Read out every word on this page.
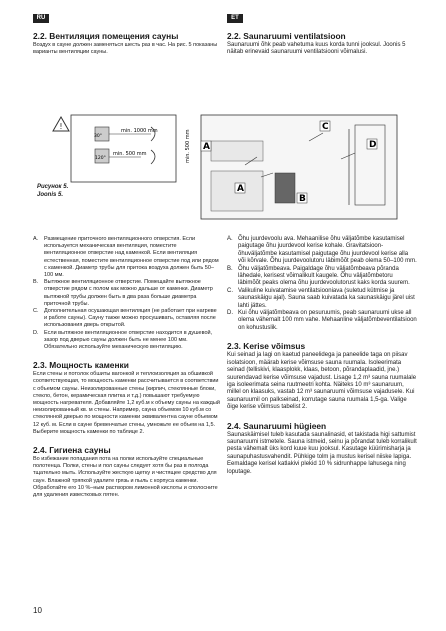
RU	ET
2.2. Вентиляция помещения сауны

Воздух в сауне должен заменяться шесть раз в час. На рис. 5 показаны варианты вентиляции сауны.

2.2. Saunaruumi ventilatsioon

Saunaruumi õhk peab vahetuma kuus korda tunni jooksul. Joonis 5 näitab erinevaid saunaruumi ventilatsiooni võimalusi.

!	min. 1000 mm
min. 500 mm
30°
120°	min. 500 mm A
A
C
D
B
Рисунок 5.
Joonis 5.
A. Размещение приточного вентиляционного отверстия. Если используется механическая вентиляция, поместите вентиляционное отверстие над каменкой. Если вентиляция естественная, поместите вентиляционное отверстие под или рядом с каменкой. Диаметр трубы для притока воздуха должен быть 50–100 мм.
B. Вытяжное вентиляционное отверстие. Помещайте вытяжное отверстие рядом с полом как можно дальше от каменки. Диаметр вытяжной трубы должен быть в два раза больше диаметра приточной трубы.
C. Дополнительная осушающая вентиляция (не работает при нагреве и работе сауны). Сауну также можно просушивать, оставляя после использования дверь открытой.
D. Если вытяжное вентиляционное отверстие находится в душевой, зазор под дверью сауны должен быть не менее 100 мм. Обязательно используйте механическую вентиляцию.
2.3. Мощность каменки

Если стены и потолок обшиты вагонкой и теплоизоляция за обшивкой соответствующая, то мощность каменки рассчитывается в соответствии с объемом сауны. Неизолированные стены (кирпич, стеклянные блоки, стекло, бетон, керамическая плитка и т.д.) повышают требуемую мощность нагревателя. Добавляйте 1,2 куб.м к объему сауны на каждый неизолированный кв. м стены. Например, сауна объемом 10 куб.м со стеклянной дверью по мощности каменки эквивалентна сауне объемом 12 куб. м. Если в сауне бревенчатые стены, умножьте ее объем на 1,5. Выберите мощность каменки по таблице 2.

2.4. Гигиена сауны

Во избежание попадания пота на полки используйте специальные полотенца. Полки, стены и пол сауны следует хотя бы раз в полгода тщательно мыть. Используйте жесткую щетку и чистящее средство для саун. Влажной тряпкой удалите грязь и пыль с корпуса каменки. Обработайте его 10 %–ным раствором лимонной кислоты и сполосните для удаления известковых пятен.

A. Õhu juurdevoolu ava. Mehaanilise õhu väljatõmbe kasutamisel paigutage õhu juurdevool kerise kohale. Gravitatsioon-õhuväljatõmbe kasutamisel paigutage õhu juurdevool kerise alla või kõrvale. Õhu juurdevoolutoru läbimõõt peab olema 50–100 mm.
B. Õhu väljatõmbeava. Paigaldage õhu väljatõmbeava põranda lähedale, kerisest võimalikult kaugele. Õhu väljatõmbetoru läbimõõt peaks olema õhu juurdevoolutorust kaks korda suurem.
C. Valikuline kuivatamise ventilatsiooniava (suletud kütmise ja saunaskäigu ajal). Sauna saab kuivatada ka saunaskäigu järel uist lahti jättes.
D. Kui õhu väljatõmbeava on pesuruumis, peab saunaruumi ukse all olema vähemalt 100 mm vahe. Mehaanline väljatõmbeventilatsioon on kohustuslik.
2.3. Kerise võimsus

Kui seinad ja lagi on kaetud paneelidega ja paneelide taga on piisav isolatsioon, määrab kerise võimsuse sauna ruumala. Isoleerimata seinad (telliskivi, klaasplokk, klaas, betoon, põrandaplaadid, jne.) suurendavad kerise võimsuse vajadust. Lisage 1,2 m³ sauna ruumalale iga isoleerimata seina ruutmeetri kohta. Näiteks 10 m³ saunaruum, millel on klaasuks, vastab 12 m³ saunaruumi võimsuse vajadusele. Kui saunaruumil on palkseinad, korrutage sauna ruumala 1,5-ga. Valige õige kerise võimsus tabelist 2.

2.4. Saunaruumi hügieen

Saunaskäimisel tuleb kasutada saunalinasid, et takistada higi sattumist saunaruumi istmetele. Sauna istmeid, seinu ja põrandat tuleb korralikult pesta vähemalt üks kord kuue kuu jooksul. Kasutage küürimisharja ja saunapuhastusvahendit. Pühkige tolm ja mustus kerisel niiske lapiga. Eemaldage kerisel katlakivi plekid 10 % sidrunhappe lahusega ning loputage.

10
